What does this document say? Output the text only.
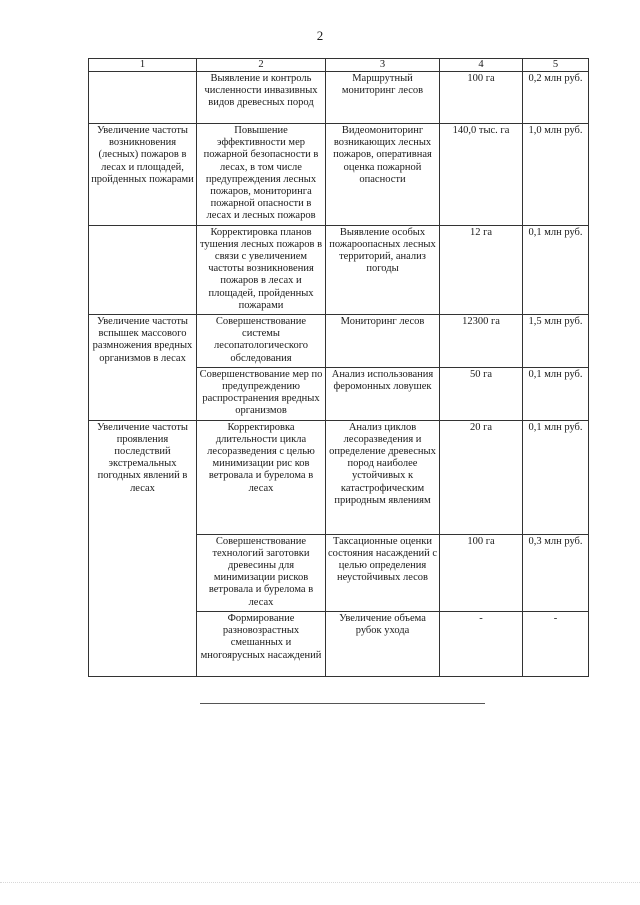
2
1	2	3	4	5
	Выявление и контроль численности инвазивных видов древесных пород	Маршрутный мониторинг лесов	100 га	0,2 млн руб.
Увеличение частоты возникновения (лесных) пожаров в лесах и площадей, пройденных пожарами	Повышение эффективности мер пожарной безопасности в лесах, в том числе предупреждения лесных пожаров, мониторинга пожарной опасности в лесах и лесных пожаров	Видеомониторинг возникающих лесных пожаров, оперативная оценка пожарной опасности	140,0 тыс. га	1,0 млн руб.
	Корректировка планов тушения лесных пожаров в связи с увеличением частоты возникновения пожаров в лесах и площадей, пройденных пожарами	Выявление особых пожароопасных лесных территорий, анализ погоды	12 га	0,1 млн руб.
Увеличение частоты вспышек массового размножения вредных организмов в лесах	Совершенствование системы лесопатологического обследования	Мониторинг лесов	12300 га	1,5 млн руб.
	Совершенствование мер по предупреждению распространения вредных организмов	Анализ использования феромонных ловушек	50 га	0,1 млн руб.
Увеличение частоты проявления последствий экстремальных погодных явлений в лесах	Корректировка длительности цикла лесоразведения с целью минимизации рис ков ветровала и бурелома в лесах	Анализ циклов лесоразведения и определение древесных пород наиболее устойчивых к катастрофическим природным явлениям	20 га	0,1 млн руб.
	Совершенствование технологий заготовки древесины для минимизации рисков ветровала и бурелома в лесах	Таксационные оценки состояния насаждений с целью определения неустойчивых лесов	100 га	0,3 млн руб.
	Формирование разновозрастных смешанных и многоярусных насаждений	Увеличение объема рубок ухода	-	-
